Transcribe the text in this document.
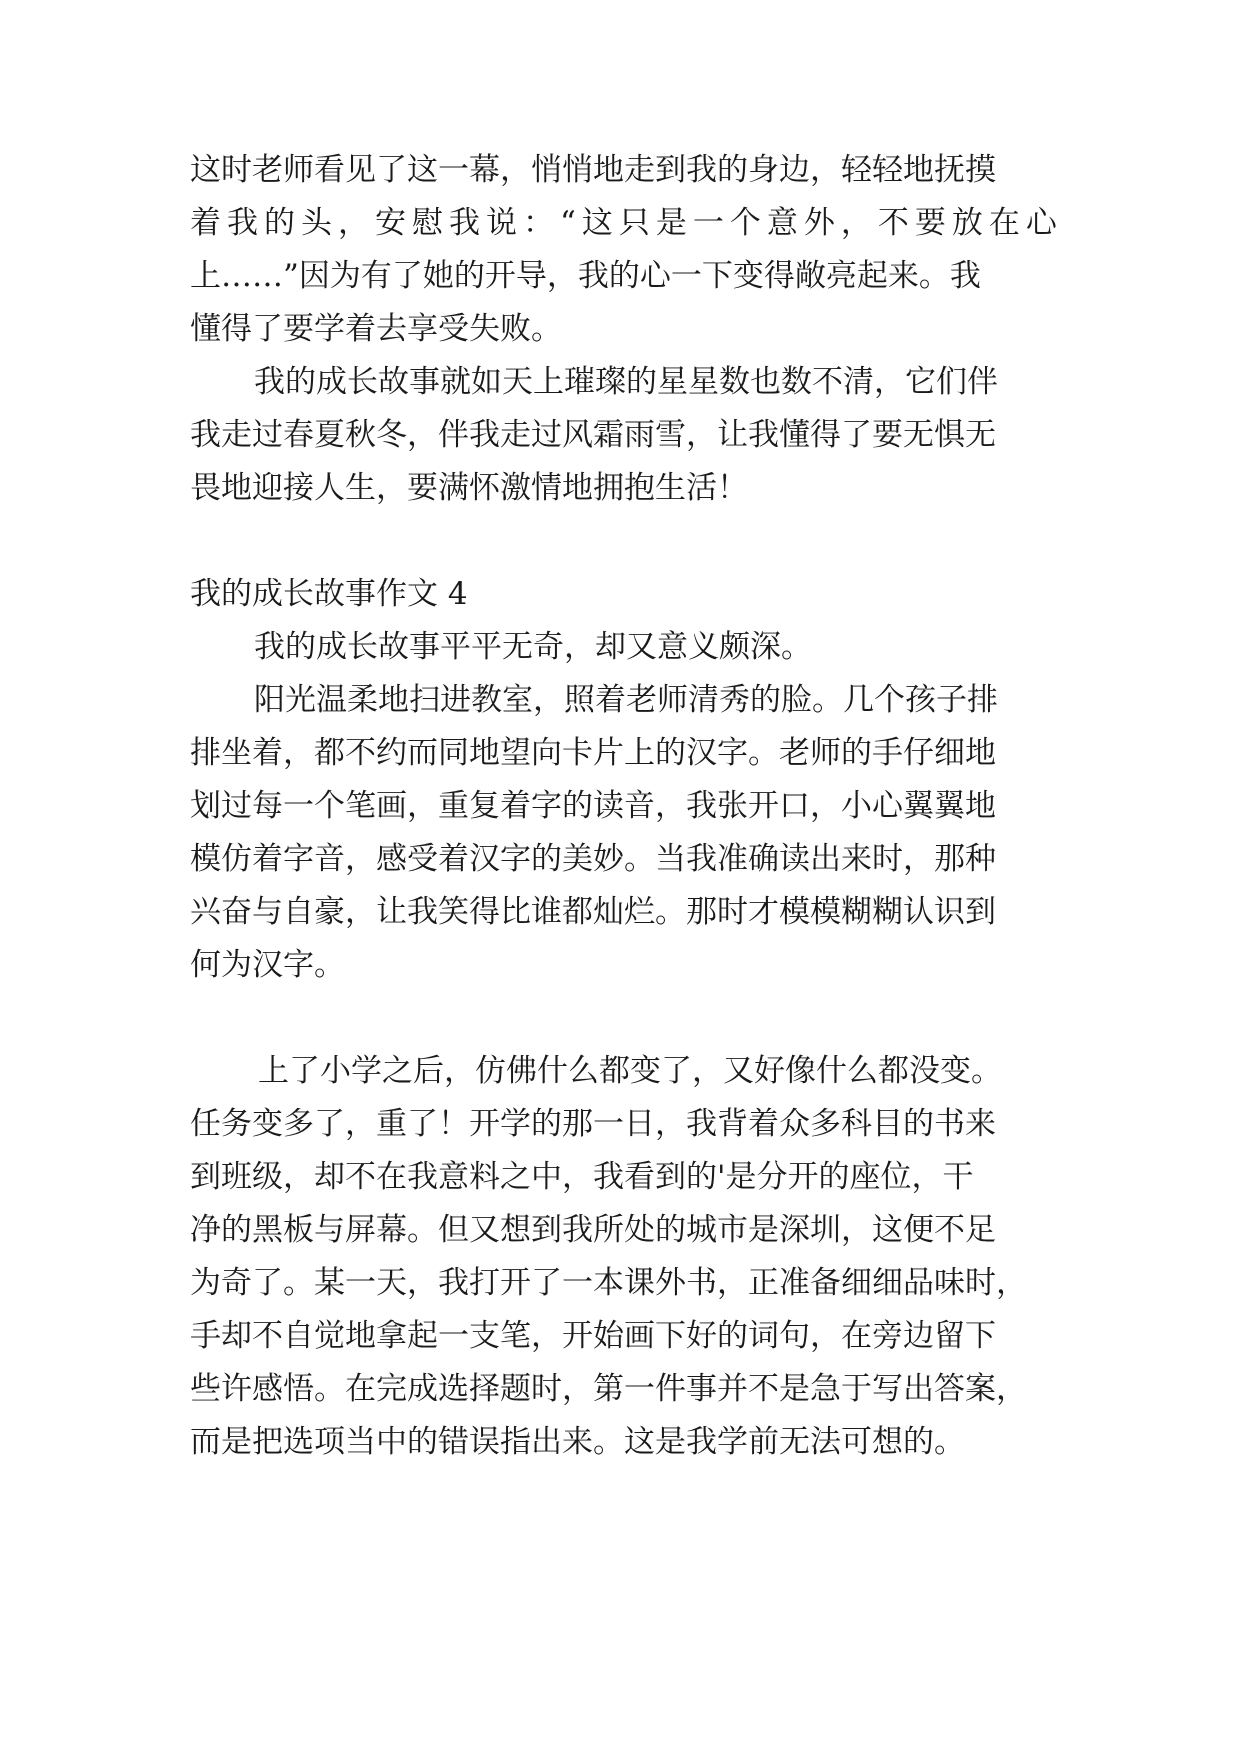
这时老师看见了这一幕，悄悄地走到我的身边，轻轻地抚摸
着我的头，安慰我说：“这只是一个意外，不要放在心
上……”因为有了她的开导，我的心一下变得敞亮起来。我
懂得了要学着去享受失败。
我的成长故事就如天上璀璨的星星数也数不清，它们伴
我走过春夏秋冬，伴我走过风霜雨雪，让我懂得了要无惧无
畏地迎接人生，要满怀激情地拥抱生活！
我的成长故事作文 4
我的成长故事平平无奇，却又意义颇深。
阳光温柔地扫进教室，照着老师清秀的脸。几个孩子排
排坐着，都不约而同地望向卡片上的汉字。老师的手仔细地
划过每一个笔画，重复着字的读音，我张开口，小心翼翼地
模仿着字音，感受着汉字的美妙。当我准确读出来时，那种
兴奋与自豪，让我笑得比谁都灿烂。那时才模模糊糊认识到
何为汉字。
上了小学之后，仿佛什么都变了，又好像什么都没变。
任务变多了，重了！开学的那一日，我背着众多科目的书来
到班级，却不在我意料之中，我看到的'是分开的座位，干
净的黑板与屏幕。但又想到我所处的城市是深圳，这便不足
为奇了。某一天，我打开了一本课外书，正准备细细品味时，
手却不自觉地拿起一支笔，开始画下好的词句，在旁边留下
些许感悟。在完成选择题时，第一件事并不是急于写出答案，
而是把选项当中的错误指出来。这是我学前无法可想的。
